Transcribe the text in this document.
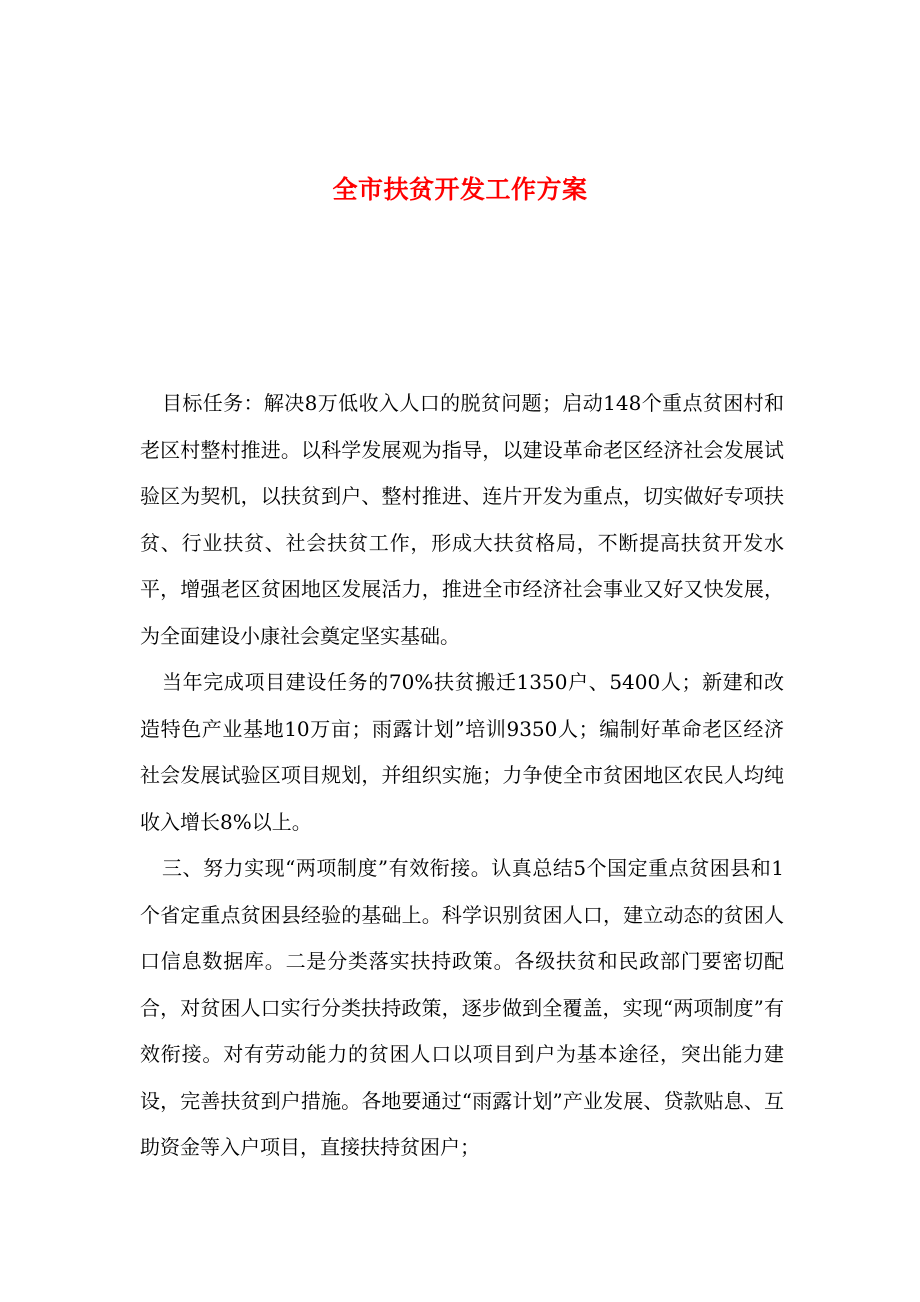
全市扶贫开发工作方案

目标任务：解决8万低收入人口的脱贫问题；启动148个重点贫困村和老区村整村推进。以科学发展观为指导，以建设革命老区经济社会发展试验区为契机，以扶贫到户、整村推进、连片开发为重点，切实做好专项扶贫、行业扶贫、社会扶贫工作，形成大扶贫格局，不断提高扶贫开发水平，增强老区贫困地区发展活力，推进全市经济社会事业又好又快发展，为全面建设小康社会奠定坚实基础。

当年完成项目建设任务的70%扶贫搬迁1350户、5400人；新建和改造特色产业基地10万亩；雨露计划”培训9350人；编制好革命老区经济社会发展试验区项目规划，并组织实施；力争使全市贫困地区农民人均纯收入增长8%以上。

三、努力实现“两项制度”有效衔接。认真总结5个国定重点贫困县和1个省定重点贫困县经验的基础上。科学识别贫困人口，建立动态的贫困人口信息数据库。二是分类落实扶持政策。各级扶贫和民政部门要密切配合，对贫困人口实行分类扶持政策，逐步做到全覆盖，实现“两项制度”有效衔接。对有劳动能力的贫困人口以项目到户为基本途径，突出能力建设，完善扶贫到户措施。各地要通过“雨露计划”产业发展、贷款贴息、互助资金等入户项目，直接扶持贫困户；
